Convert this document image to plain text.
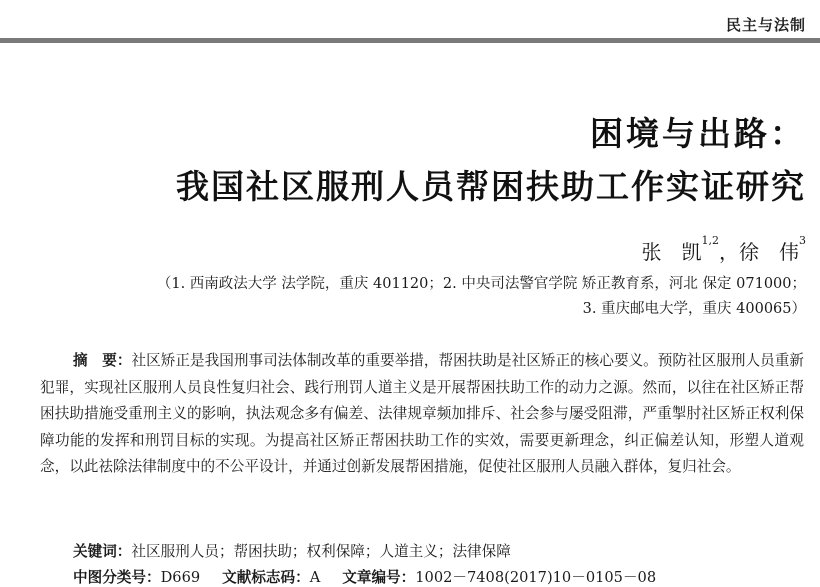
民主与法制
困境与出路：
我国社区服刑人员帮困扶助工作实证研究
张　凯$^{1,2}$，徐　伟$^3$
（1. 西南政法大学 法学院，重庆 401120；2. 中央司法警官学院 矫正教育系，河北 保定 071000；
3. 重庆邮电大学，重庆 400065）
摘　要：社区矫正是我国刑事司法体制改革的重要举措，帮困扶助是社区矫正的核心要义。预防社区服刑人员重新犯罪，实现社区服刑人员良性复归社会、践行刑罚人道主义是开展帮困扶助工作的动力之源。然而，以往在社区矫正帮困扶助措施受重刑主义的影响，执法观念多有偏差、法律规章频加排斥、社会参与屡受阻滞，严重掣肘社区矫正权利保障功能的发挥和刑罚目标的实现。为提高社区矫正帮困扶助工作的实效，需要更新理念，纠正偏差认知，形塑人道观念，以此祛除法律制度中的不公平设计，并通过创新发展帮困措施，促使社区服刑人员融入群体，复归社会。
关键词：社区服刑人员；帮困扶助；权利保障；人道主义；法律保障
中图分类号：D669 文献标志码：A 文章编号：1002－7408(2017)10－0105－08
